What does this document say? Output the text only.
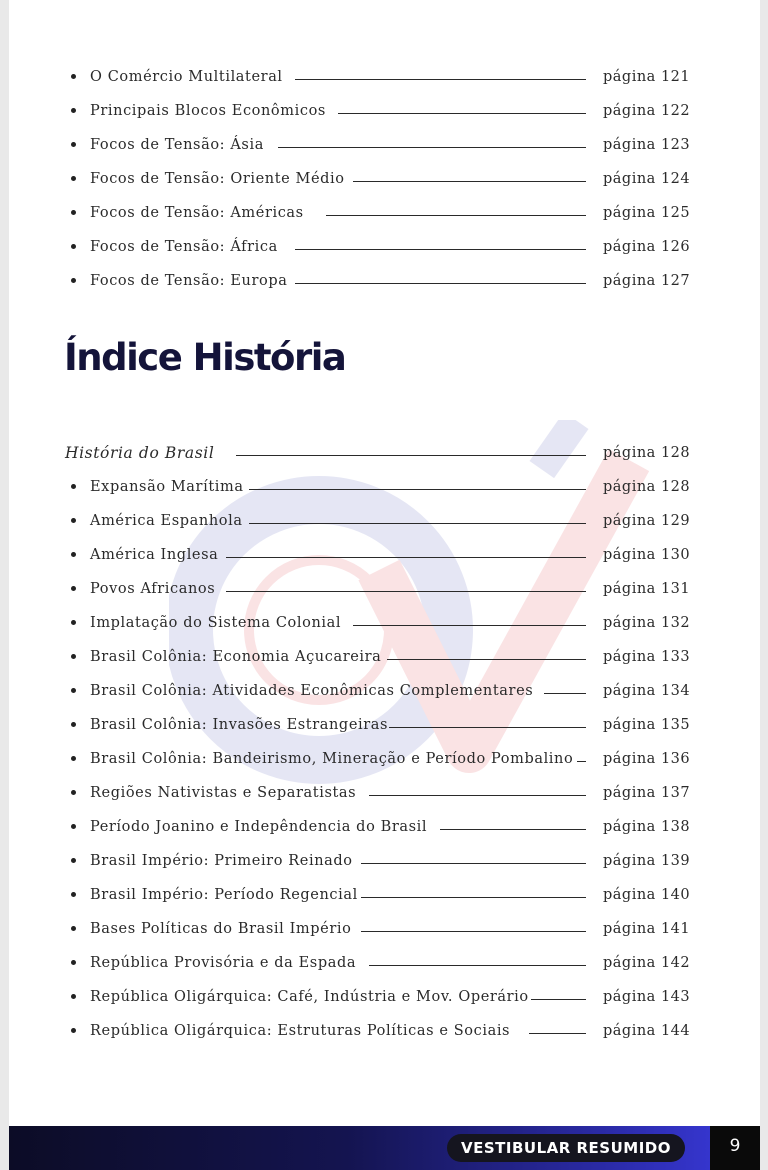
O Comércio Multilateral	página 121
Principais Blocos Econômicos	página 122
Focos de Tensão: Ásia	página 123
Focos de Tensão: Oriente Médio	página 124
Focos de Tensão: Américas	página 125
Focos de Tensão: África	página 126
Focos de Tensão: Europa	página 127
Índice História
História do Brasil	página 128
Expansão Marítima	página 128
América Espanhola	página 129
América Inglesa	página 130
Povos Africanos	página 131
Implatação do Sistema Colonial	página 132
Brasil Colônia: Economia Açucareira	página 133
Brasil Colônia: Atividades Econômicas Complementares	página 134
Brasil Colônia: Invasões Estrangeiras	página 135
Brasil Colônia: Bandeirismo, Mineração e Período Pombalino página 136
Regiões Nativistas e Separatistas	página 137
Período Joanino e Indepêndencia do Brasil	página 138
Brasil Império: Primeiro Reinado	página 139
Brasil Império: Período Regencial	página 140
Bases Políticas do Brasil Império	página 141
República Provisória e da Espada	página 142
República Oligárquica: Café, Indústria e Mov. Operário	página 143
República Oligárquica: Estruturas Políticas e Sociais	página 144
VESTIBULAR RESUMIDO	9
